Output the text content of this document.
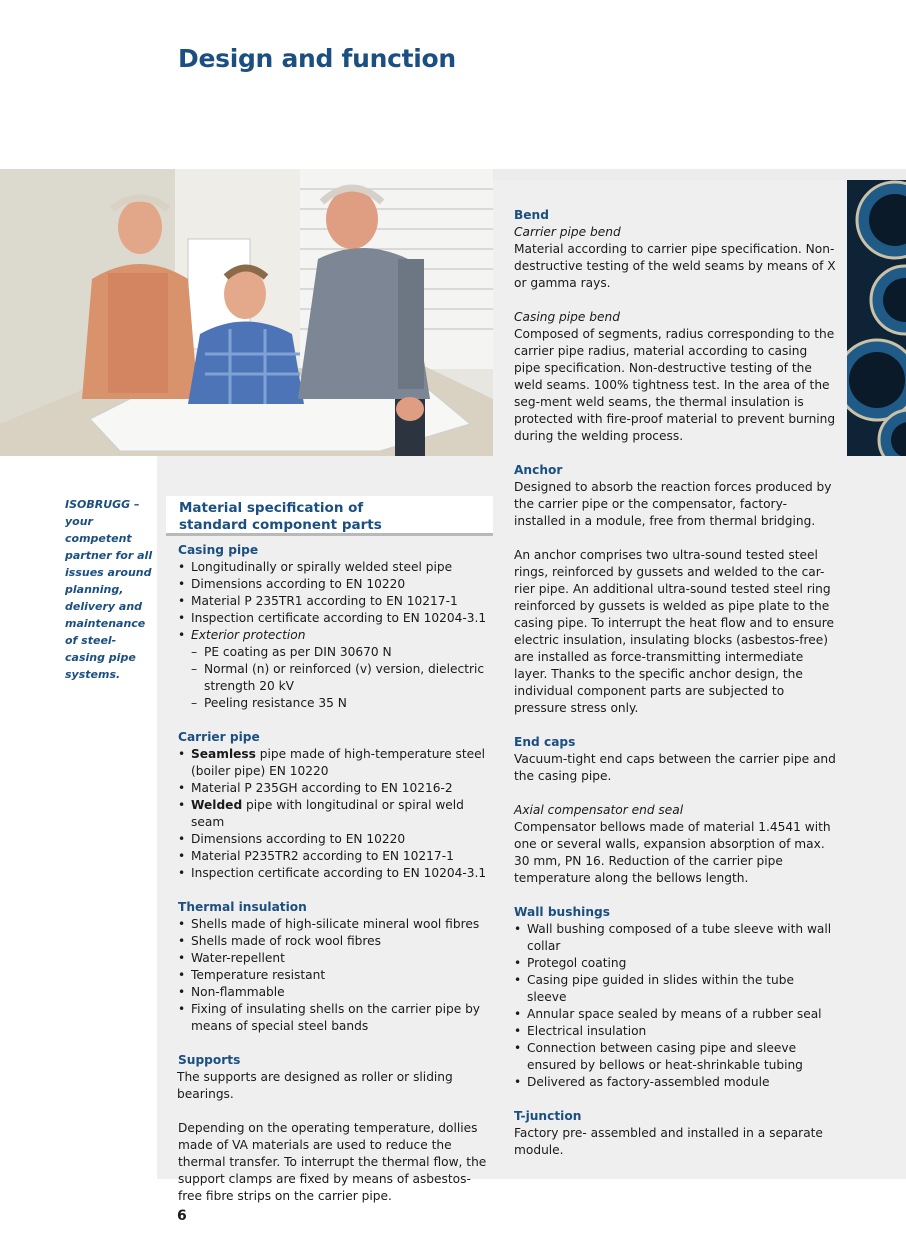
Design and function
ISOBRUGG – your competent partner for all issues around planning, delivery and maintenance of steel-casing pipe systems.
Material specification of
standard component parts
Casing pipe
• Longitudinally or spirally welded steel pipe
• Dimensions according to EN 10220
• Material P 235TR1 according to EN 10217-1
• Inspection certificate according to EN 10204-3.1
• Exterior protection
– PE coating as per DIN 30670 N
– Normal (n) or reinforced (v) version, dielectric strength 20 kV
– Peeling resistance 35 N
Carrier pipe
• Seamless pipe made of high-temperature steel (boiler pipe) EN 10220
• Material P 235GH according to EN 10216-2
• Welded pipe with longitudinal or spiral weld seam
• Dimensions according to EN 10220
• Material P235TR2 according to EN 10217-1
• Inspection certificate according to EN 10204-3.1
Thermal insulation
• Shells made of high-silicate mineral wool fibres
• Shells made of rock wool fibres
• Water-repellent
• Temperature resistant
• Non-flammable
• Fixing of insulating shells on the carrier pipe by means of special steel bands
Supports
The supports are designed as roller or sliding bearings.
Depending on the operating temperature, dollies made of VA materials are used to reduce the thermal transfer. To interrupt the thermal flow, the support clamps are fixed by means of asbestos-free fibre strips on the carrier pipe.
Bend
Carrier pipe bend
Material according to carrier pipe specification. Non-destructive testing of the weld seams by means of X or gamma rays.
Casing pipe bend
Composed of segments, radius corresponding to the carrier pipe radius, material according to casing pipe specification. Non-destructive testing of the weld seams. 100% tightness test. In the area of the seg-ment weld seams, the thermal insulation is protected with fire-proof material to prevent burning during the welding process.
Anchor
Designed to absorb the reaction forces produced by the carrier pipe or the compensator, factory-installed in a module, free from thermal bridging.
An anchor comprises two ultra-sound tested steel rings, reinforced by gussets and welded to the car-rier pipe. An additional ultra-sound tested steel ring reinforced by gussets is welded as pipe plate to the casing pipe. To interrupt the heat flow and to ensure electric insulation, insulating blocks (asbestos-free) are installed as force-transmitting intermediate layer. Thanks to the specific anchor design, the individual component parts are subjected to pressure stress only.
End caps
Vacuum-tight end caps between the carrier pipe and the casing pipe.
Axial compensator end seal
Compensator bellows made of material 1.4541 with one or several walls, expansion absorption of max. 30 mm, PN 16. Reduction of the carrier pipe temperature along the bellows length.
Wall bushings
• Wall bushing composed of a tube sleeve with wall collar
• Protegol coating
• Casing pipe guided in slides within the tube sleeve
• Annular space sealed by means of a rubber seal
• Electrical insulation
• Connection between casing pipe and sleeve ensured by bellows or heat-shrinkable tubing
• Delivered as factory-assembled module
T-junction
Factory pre- assembled and installed in a separate module.
6
